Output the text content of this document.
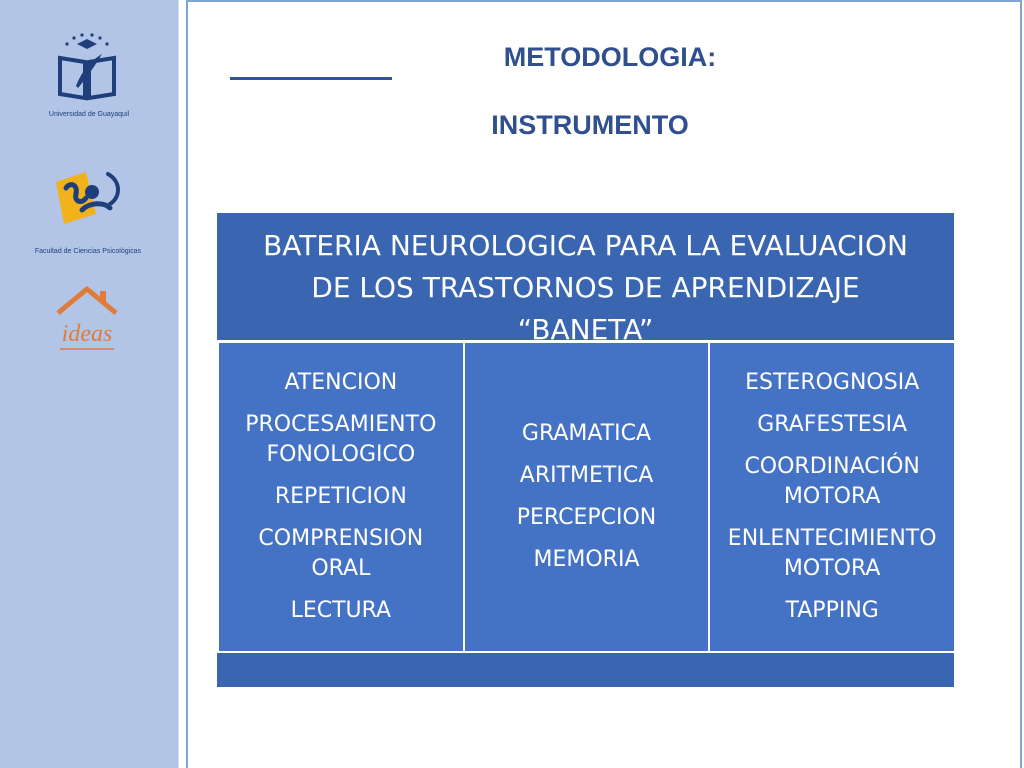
Universidad de Guayaquil
Facultad de Ciencias Psicológicas
ideas
METODOLOGIA:
INSTRUMENTO
BATERIA NEUROLOGICA PARA LA EVALUACION
DE LOS TRASTORNOS DE APRENDIZAJE
“BANETA”
ATENCION
PROCESAMIENTO FONOLOGICO
REPETICION
COMPRENSION ORAL
LECTURA
GRAMATICA
ARITMETICA
PERCEPCION
MEMORIA
ESTEROGNOSIA
GRAFESTESIA
COORDINACIÓN MOTORA
ENLENTECIMIENTO MOTORA
TAPPING
